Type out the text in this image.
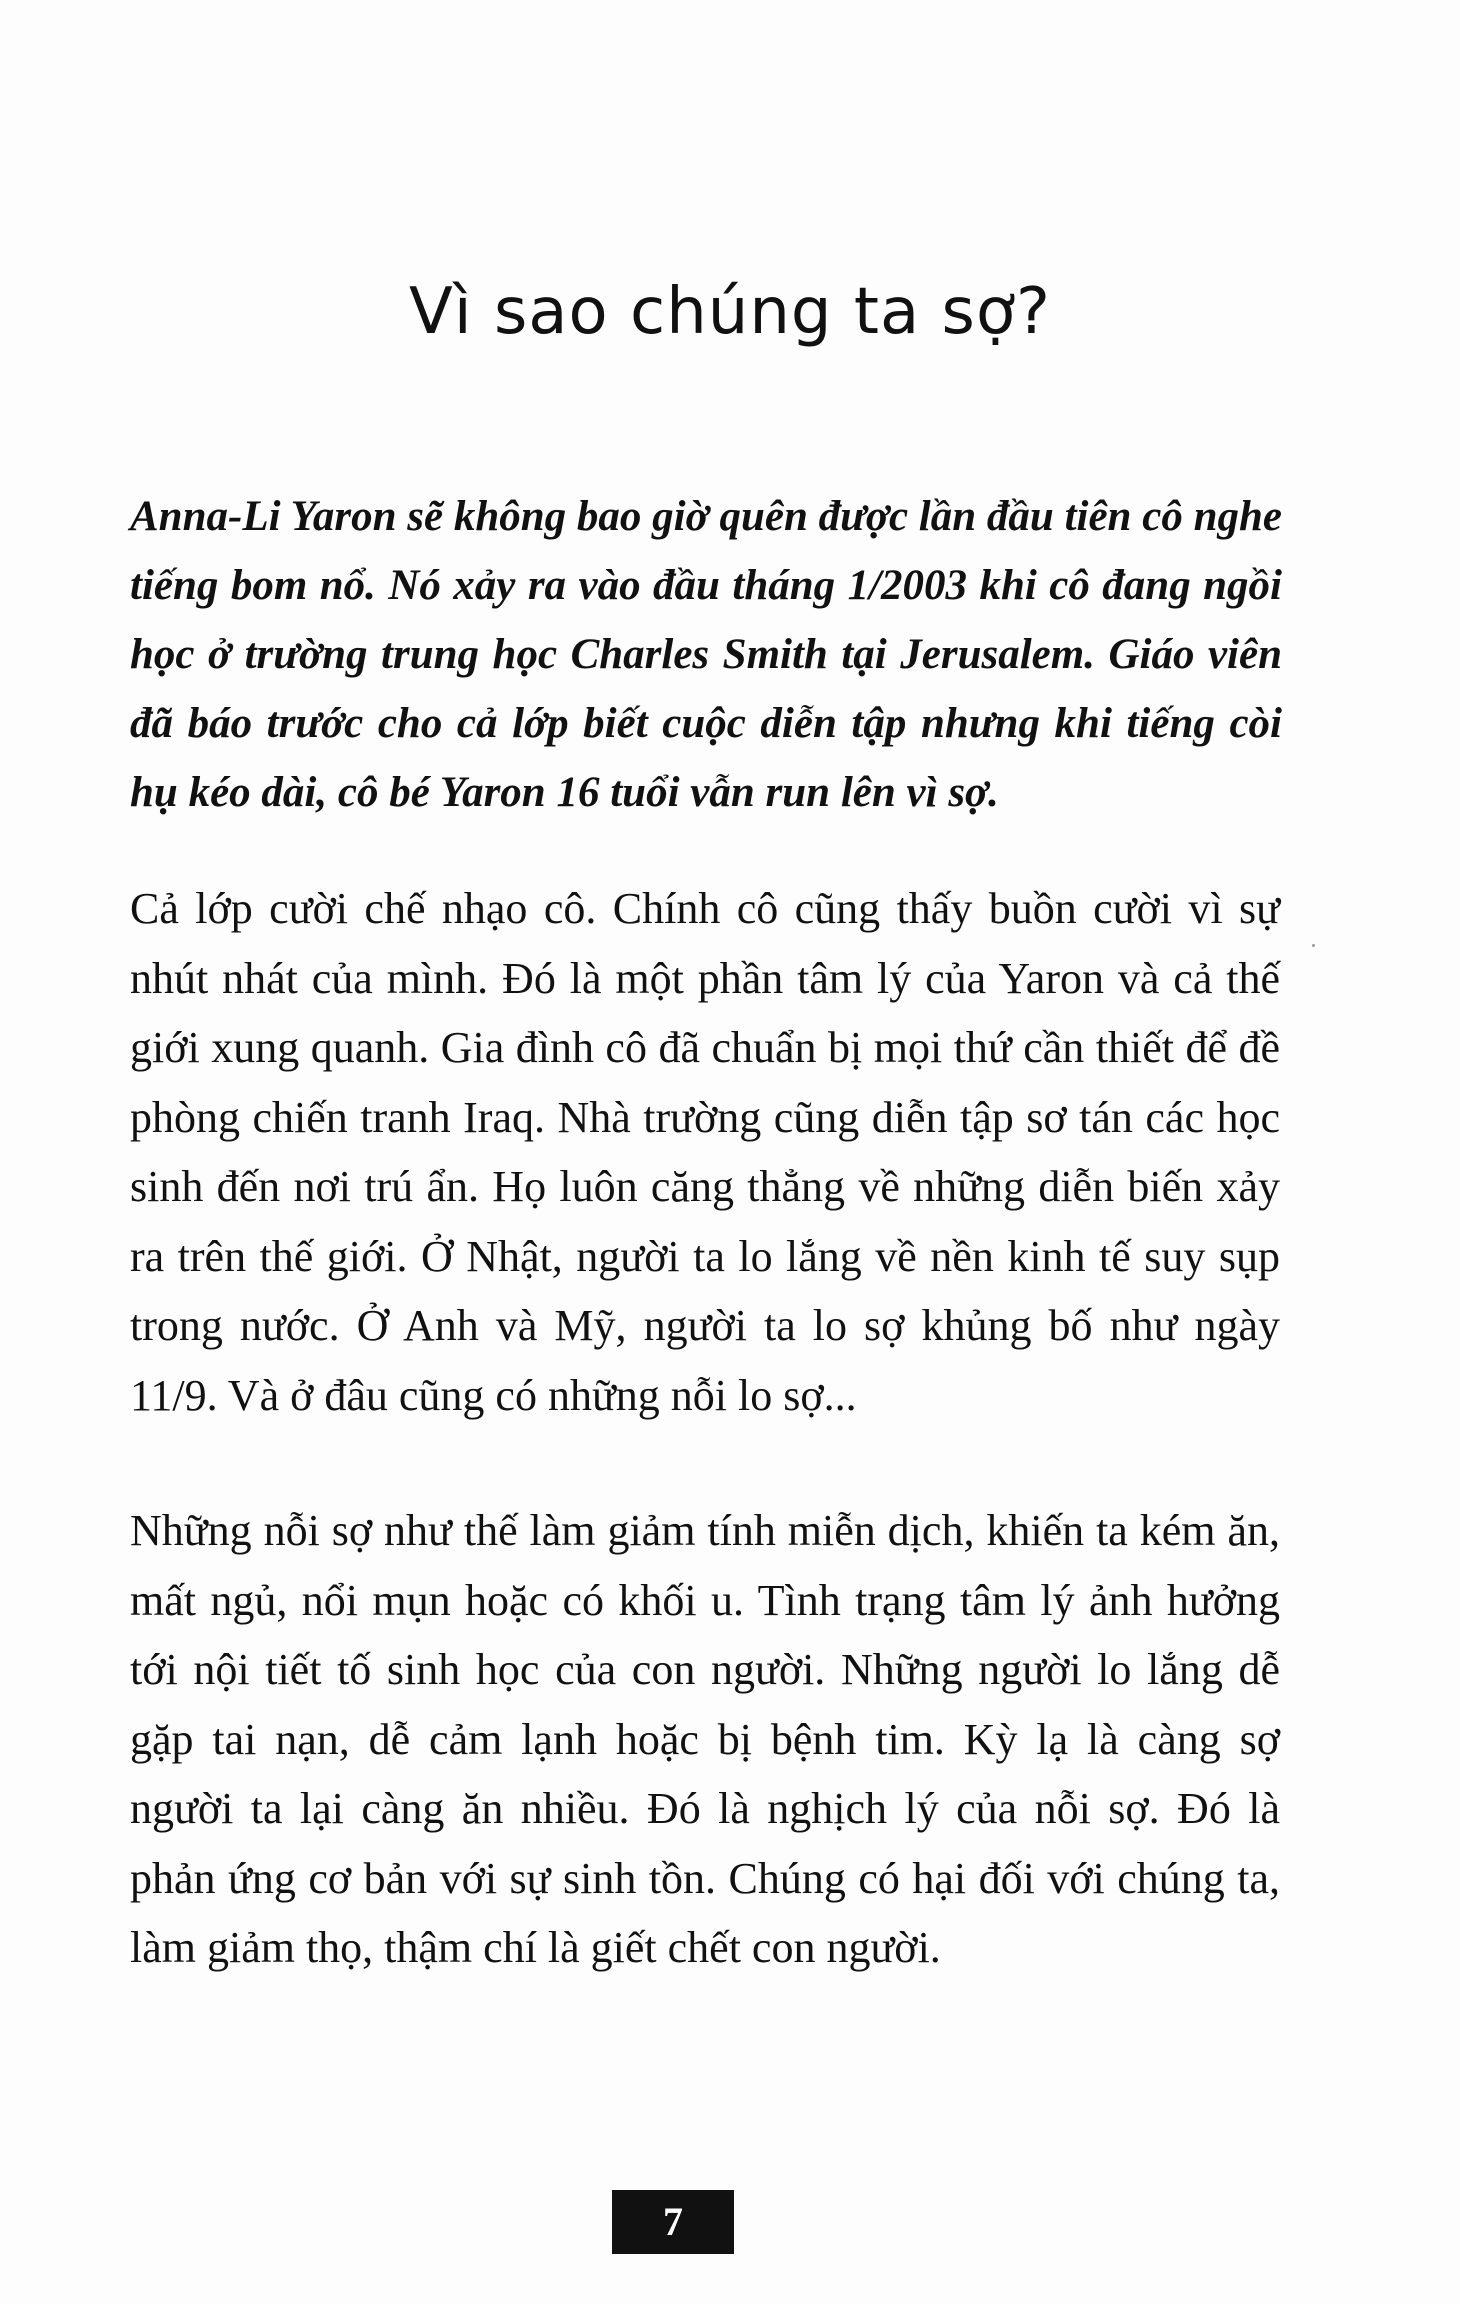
Vì sao chúng ta sợ?

Anna-Li Yaron sẽ không bao giờ quên được lần đầu tiên cô nghe tiếng bom nổ. Nó xảy ra vào đầu tháng 1/2003 khi cô đang ngồi học ở trường trung học Charles Smith tại Jerusalem. Giáo viên đã báo trước cho cả lớp biết cuộc diễn tập nhưng khi tiếng còi hụ kéo dài, cô bé Yaron 16 tuổi vẫn run lên vì sợ.

Cả lớp cười chế nhạo cô. Chính cô cũng thấy buồn cười vì sự nhút nhát của mình. Đó là một phần tâm lý của Yaron và cả thế giới xung quanh. Gia đình cô đã chuẩn bị mọi thứ cần thiết để đề phòng chiến tranh Iraq. Nhà trường cũng diễn tập sơ tán các học sinh đến nơi trú ẩn. Họ luôn căng thẳng về những diễn biến xảy ra trên thế giới. Ở Nhật, người ta lo lắng về nền kinh tế suy sụp trong nước. Ở Anh và Mỹ, người ta lo sợ khủng bố như ngày 11/9. Và ở đâu cũng có những nỗi lo sợ...

Những nỗi sợ như thế làm giảm tính miễn dịch, khiến ta kém ăn, mất ngủ, nổi mụn hoặc có khối u. Tình trạng tâm lý ảnh hưởng tới nội tiết tố sinh học của con người. Những người lo lắng dễ gặp tai nạn, dễ cảm lạnh hoặc bị bệnh tim. Kỳ lạ là càng sợ người ta lại càng ăn nhiều. Đó là nghịch lý của nỗi sợ. Đó là phản ứng cơ bản với sự sinh tồn. Chúng có hại đối với chúng ta, làm giảm thọ, thậm chí là giết chết con người.

7
